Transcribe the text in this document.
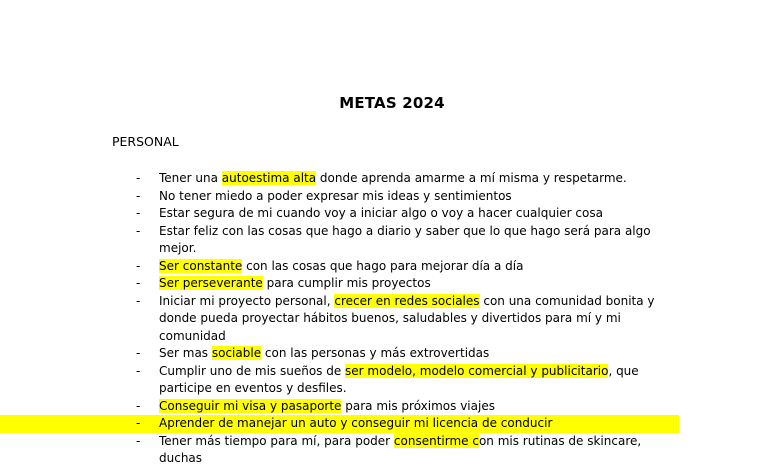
METAS 2024
PERSONAL
- Tener una autoestima alta donde aprenda amarme a mí misma y respetarme.
- No tener miedo a poder expresar mis ideas y sentimientos
- Estar segura de mi cuando voy a iniciar algo o voy a hacer cualquier cosa
- Estar feliz con las cosas que hago a diario y saber que lo que hago será para algo mejor.
- Ser constante con las cosas que hago para mejorar día a día
- Ser perseverante para cumplir mis proyectos
- Iniciar mi proyecto personal, crecer en redes sociales con una comunidad bonita y donde pueda proyectar hábitos buenos, saludables y divertidos para mí y mi comunidad
- Ser mas sociable con las personas y más extrovertidas
- Cumplir uno de mis sueños de ser modelo, modelo comercial y publicitario, que participe en eventos y desfiles.
- Conseguir mi visa y pasaporte para mis próximos viajes
- Aprender de manejar un auto y conseguir mi licencia de conducir
- Tener más tiempo para mí, para poder consentirme con mis rutinas de skincare, duchas
